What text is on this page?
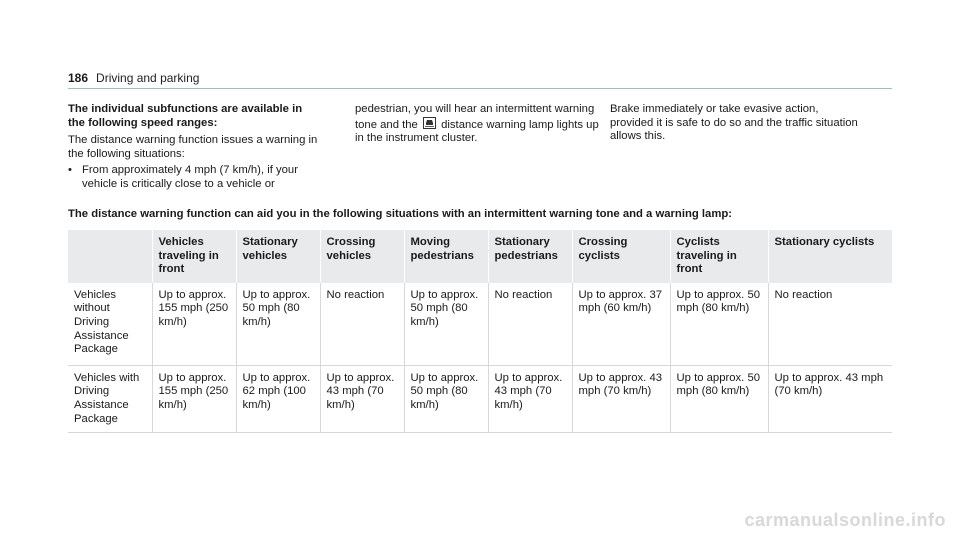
186 Driving and parking

The individual subfunctions are available in the following speed ranges:

The distance warning function issues a warning in the following situations:

• From approximately 4 mph (7 km/h), if your vehicle is critically close to a vehicle or

pedestrian, you will hear an intermittent warning tone and the distance warning lamp lights up in the instrument cluster.

Brake immediately or take evasive action, provided it is safe to do so and the traffic situation allows this.

The distance warning function can aid you in the following situations with an intermittent warning tone and a warning lamp:
	Vehicles traveling in front	Stationary vehicles	Crossing vehicles	Moving pedestrians	Stationary pedestrians	Crossing cyclists	Cyclists traveling in front	Stationary cyclists
Vehicles without Driving Assistance Package	Up to approx. 155 mph (250 km/h)	Up to approx. 50 mph (80 km/h)	No reaction	Up to approx. 50 mph (80 km/h)	No reaction	Up to approx. 37 mph (60 km/h)	Up to approx. 50 mph (80 km/h)	No reaction
Vehicles with Driving Assistance Package	Up to approx. 155 mph (250 km/h)	Up to approx. 62 mph (100 km/h)	Up to approx. 43 mph (70 km/h)	Up to approx. 50 mph (80 km/h)	Up to approx. 43 mph (70 km/h)	Up to approx. 43 mph (70 km/h)	Up to approx. 50 mph (80 km/h)	Up to approx. 43 mph (70 km/h)
carmanualsonline.info
